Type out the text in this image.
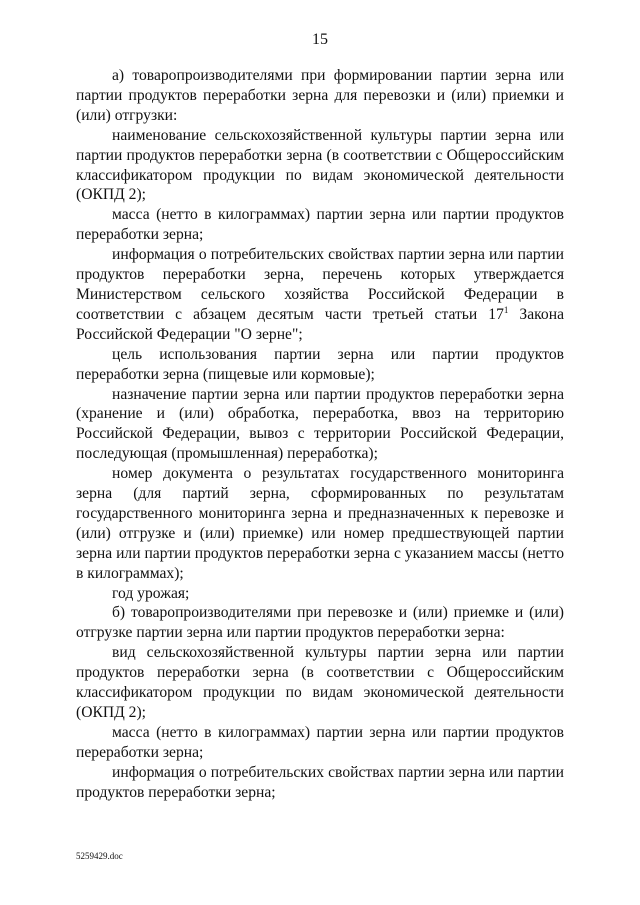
15

а) товаропроизводителями при формировании партии зерна или партии продуктов переработки зерна для перевозки и (или) приемки и (или) отгрузки:

наименование сельскохозяйственной культуры партии зерна или партии продуктов переработки зерна (в соответствии с Общероссийским классификатором продукции по видам экономической деятельности (ОКПД 2);

масса (нетто в килограммах) партии зерна или партии продуктов переработки зерна;

информация о потребительских свойствах партии зерна или партии продуктов переработки зерна, перечень которых утверждается Министерством сельского хозяйства Российской Федерации в соответствии с абзацем десятым части третьей статьи $17^1$ Закона Российской Федерации "О зерне";

цель использования партии зерна или партии продуктов переработки зерна (пищевые или кормовые);

назначение партии зерна или партии продуктов переработки зерна (хранение и (или) обработка, переработка, ввоз на территорию Российской Федерации, вывоз с территории Российской Федерации, последующая (промышленная) переработка);

номер документа о результатах государственного мониторинга зерна (для партий зерна, сформированных по результатам государственного мониторинга зерна и предназначенных к перевозке и (или) отгрузке и (или) приемке) или номер предшествующей партии зерна или партии продуктов переработки зерна с указанием массы (нетто в килограммах);

год урожая;

б) товаропроизводителями при перевозке и (или) приемке и (или) отгрузке партии зерна или партии продуктов переработки зерна:

вид сельскохозяйственной культуры партии зерна или партии продуктов переработки зерна (в соответствии с Общероссийским классификатором продукции по видам экономической деятельности (ОКПД 2);

масса (нетто в килограммах) партии зерна или партии продуктов переработки зерна;

информация о потребительских свойствах партии зерна или партии продуктов переработки зерна;

5259429.doc
